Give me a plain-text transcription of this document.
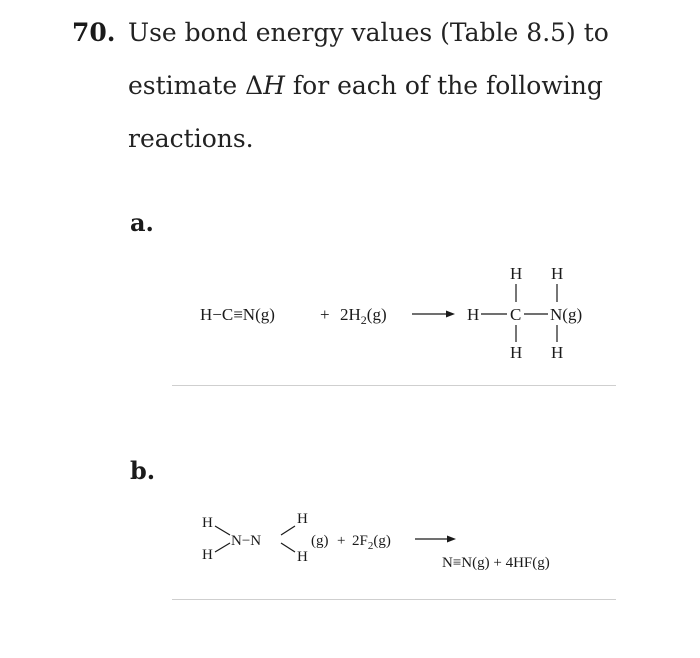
70. Use bond energy values (Table 8.5) to
estimate ΔH for each of the following
reactions.
a.
b.
H−C≡N(g)	+ $2H_2(g)$
H H
H C N(g)
H H
H
H
N−N
H
H
$(g) + 2F_2(g)$
N≡N(g) + 4HF(g)
